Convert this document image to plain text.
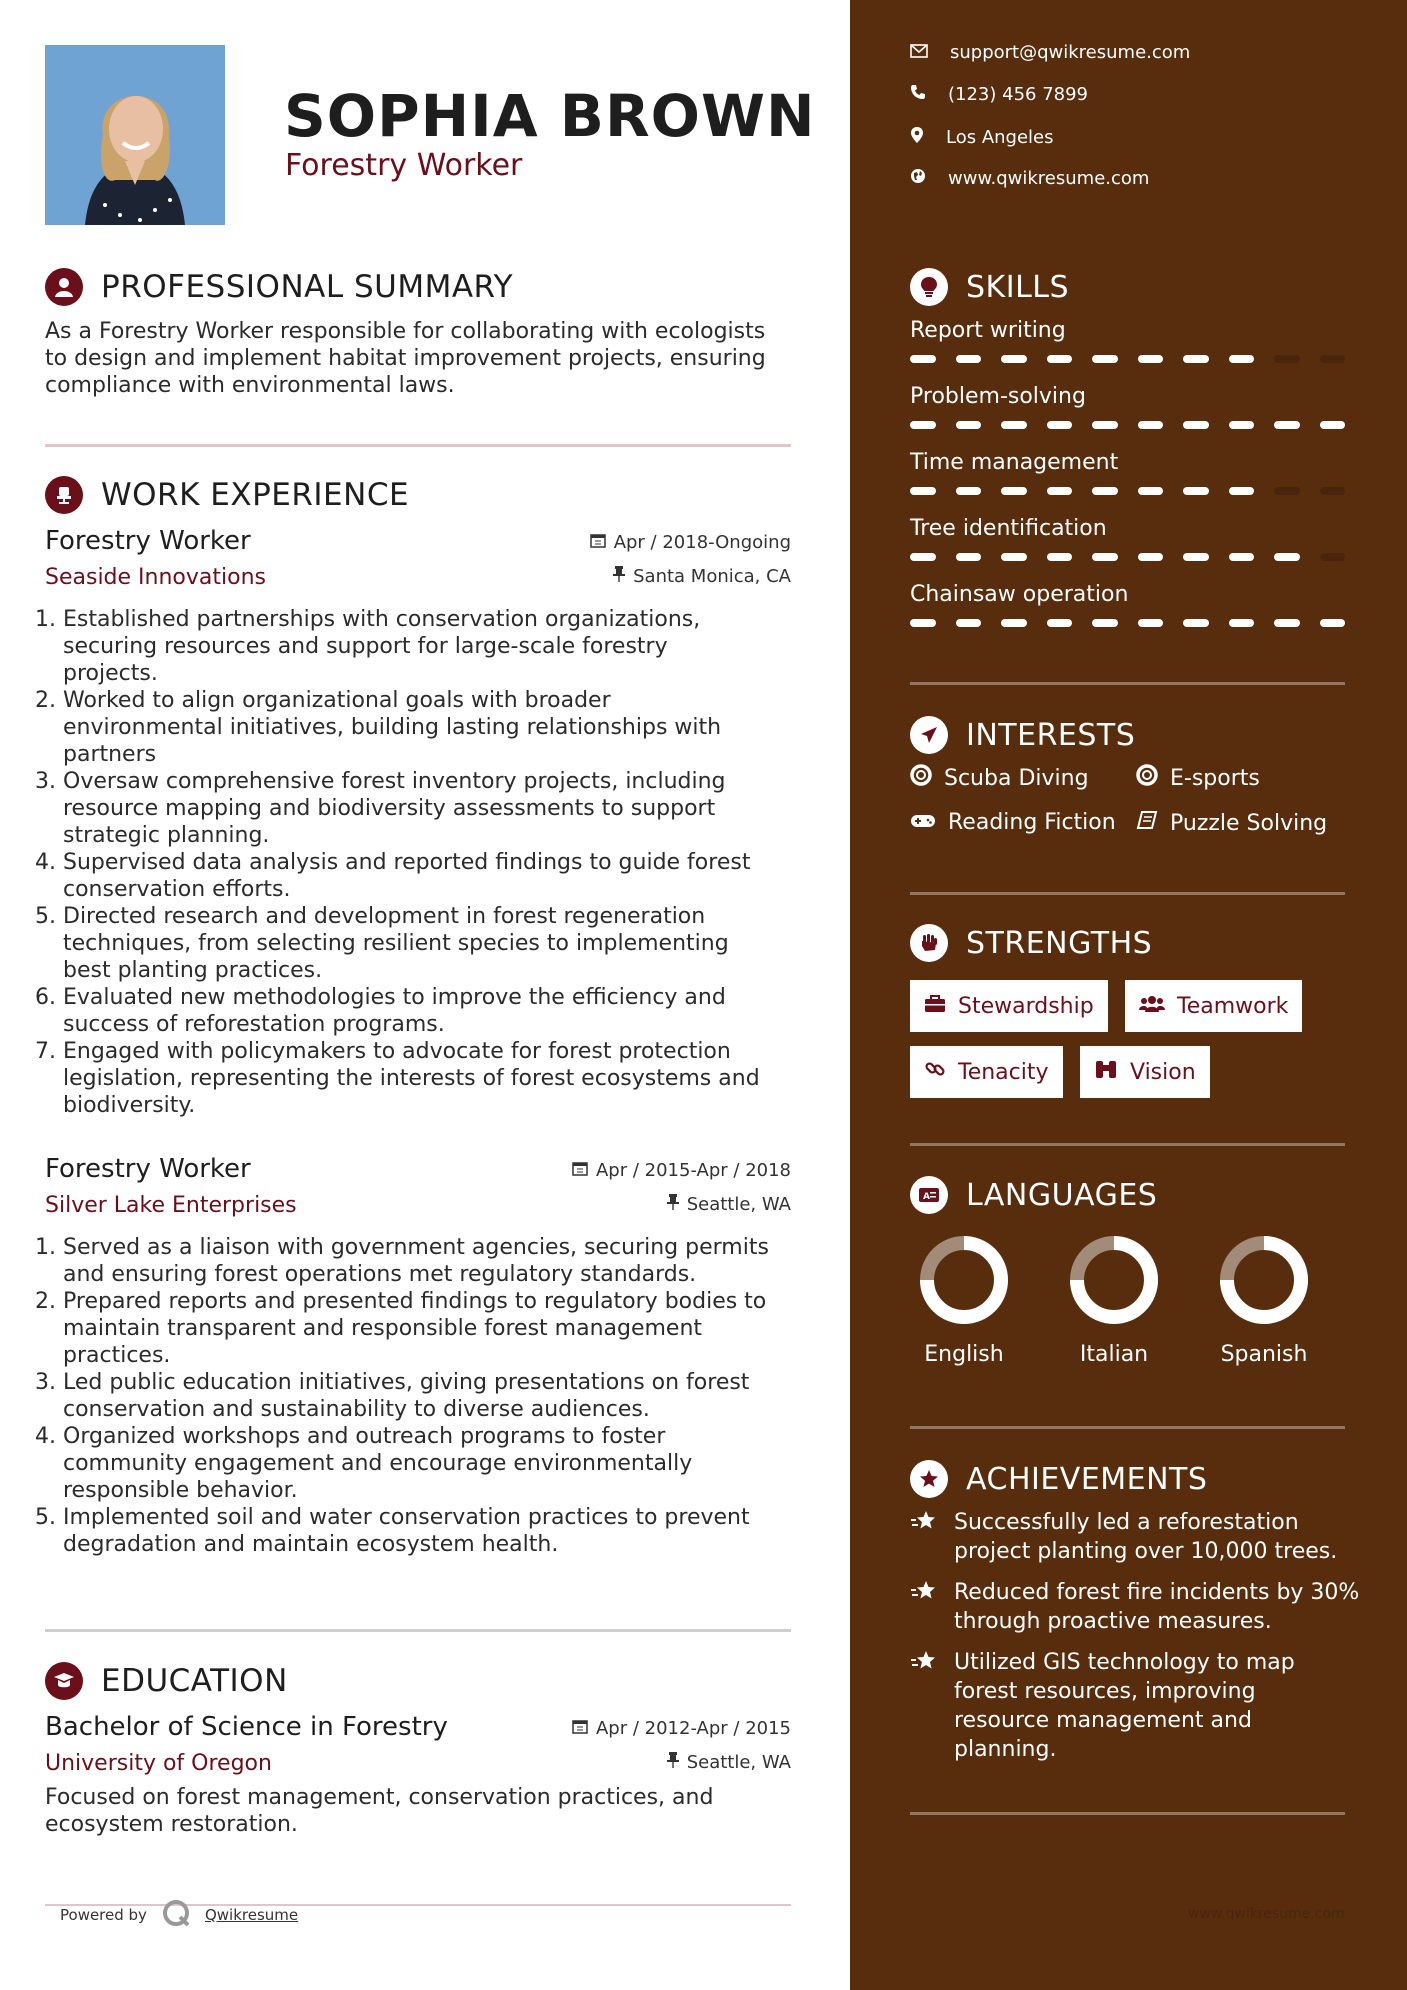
SOPHIA BROWN
Forestry Worker
PROFESSIONAL SUMMARY
As a Forestry Worker responsible for collaborating with ecologists
to design and implement habitat improvement projects, ensuring
compliance with environmental laws.
WORK EXPERIENCE
Forestry Worker
Seaside Innovations
Apr / 2018-Ongoing
Santa Monica, CA
1. Established partnerships with conservation organizations,
securing resources and support for large-scale forestry
projects.
2. Worked to align organizational goals with broader
environmental initiatives, building lasting relationships with
partners
3. Oversaw comprehensive forest inventory projects, including
resource mapping and biodiversity assessments to support
strategic planning.
4. Supervised data analysis and reported findings to guide forest
conservation efforts.
5. Directed research and development in forest regeneration
techniques, from selecting resilient species to implementing
best planting practices.
6. Evaluated new methodologies to improve the efficiency and
success of reforestation programs.
7. Engaged with policymakers to advocate for forest protection
legislation, representing the interests of forest ecosystems and
biodiversity.
Forestry Worker
Silver Lake Enterprises
Apr / 2015-Apr / 2018
Seattle, WA
1. Served as a liaison with government agencies, securing permits
and ensuring forest operations met regulatory standards.
2. Prepared reports and presented findings to regulatory bodies to
maintain transparent and responsible forest management
practices.
3. Led public education initiatives, giving presentations on forest
conservation and sustainability to diverse audiences.
4. Organized workshops and outreach programs to foster
community engagement and encourage environmentally
responsible behavior.
5. Implemented soil and water conservation practices to prevent
degradation and maintain ecosystem health.
EDUCATION
Bachelor of Science in Forestry
University of Oregon
Apr / 2012-Apr / 2015
Seattle, WA
Focused on forest management, conservation practices, and
ecosystem restoration.
Powered by	Qwikresume
support@qwikresume.com
(123) 456 7899
Los Angeles
www.qwikresume.com
SKILLS
Report writing
Problem-solving
Time management
Tree identification
Chainsaw operation
INTERESTS
Scuba Diving	E-sports
Reading Fiction Puzzle Solving
STRENGTHS
Stewardship	Teamwork
Tenacity	Vision
A LANGUAGES
English	Italian	Spanish
ACHIEVEMENTS
Successfully led a reforestation
project planting over 10,000 trees.
Reduced forest fire incidents by 30%
through proactive measures.
Utilized GIS technology to map
forest resources, improving
resource management and
planning.
www.qwikresume.com
